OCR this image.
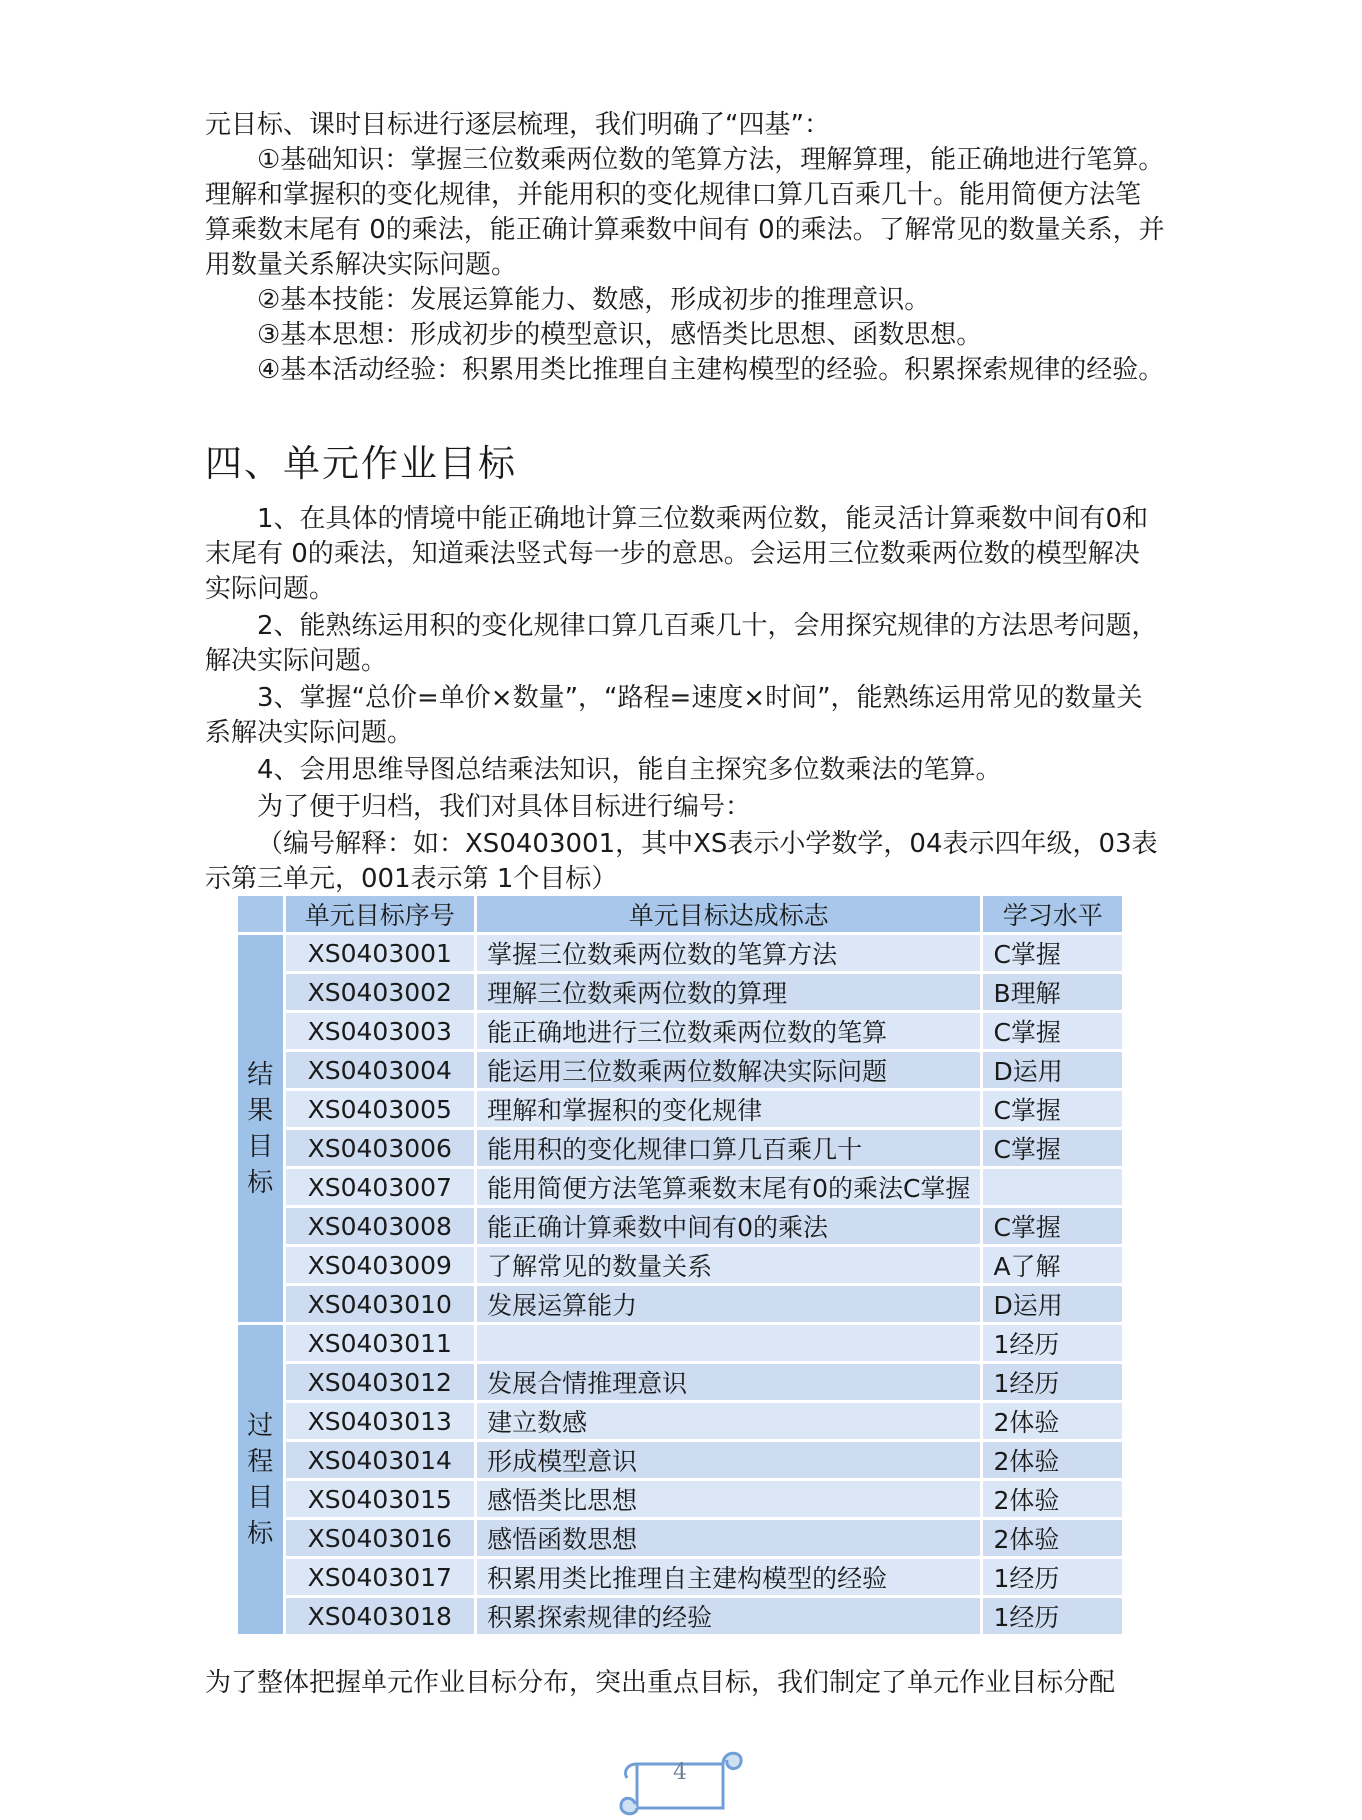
元目标、课时目标进行逐层梳理，我们明确了“四基”：

①基础知识：掌握三位数乘两位数的笔算方法，理解算理，能正确地进行笔算。理解和掌握积的变化规律，并能用积的变化规律口算几百乘几十。能用简便方法笔算乘数末尾有 0的乘法，能正确计算乘数中间有 0的乘法。了解常见的数量关系，并用数量关系解决实际问题。

②基本技能：发展运算能力、数感，形成初步的推理意识。

③基本思想：形成初步的模型意识，感悟类比思想、函数思想。

④基本活动经验：积累用类比推理自主建构模型的经验。积累探索规律的经验。

四、单元作业目标

1、在具体的情境中能正确地计算三位数乘两位数，能灵活计算乘数中间有0和末尾有 0的乘法，知道乘法竖式每一步的意思。会运用三位数乘两位数的模型解决实际问题。

2、能熟练运用积的变化规律口算几百乘几十，会用探究规律的方法思考问题，解决实际问题。

3、掌握“总价=单价×数量”，“路程=速度×时间”，能熟练运用常见的数量关系解决实际问题。

4、会用思维导图总结乘法知识，能自主探究多位数乘法的笔算。

为了便于归档，我们对具体目标进行编号：

（编号解释：如：XS0403001，其中XS表示小学数学，04表示四年级，03表示第三单元，001表示第 1个目标）

	单元目标序号	单元目标达成标志	学习水平

结
果
目
标	XS0403001	掌握三位数乘两位数的笔算方法	C掌握
	XS0403002	理解三位数乘两位数的算理	B理解
	XS0403003	能正确地进行三位数乘两位数的笔算	C掌握
	XS0403004	能运用三位数乘两位数解决实际问题	D运用
	XS0403005	理解和掌握积的变化规律	C掌握
	XS0403006	能用积的变化规律口算几百乘几十	C掌握
	XS0403007	能用简便方法笔算乘数末尾有0的乘法C掌握	
	XS0403008	能正确计算乘数中间有0的乘法	C掌握
	XS0403009	了解常见的数量关系	A了解
	XS0403010	发展运算能力	D运用

过
程
目
标	XS0403011		1经历
	XS0403012	发展合情推理意识	1经历
	XS0403013	建立数感	2体验
	XS0403014	形成模型意识	2体验
	XS0403015	感悟类比思想	2体验
	XS0403016	感悟函数思想	2体验
	XS0403017	积累用类比推理自主建构模型的经验	1经历
	XS0403018	积累探索规律的经验	1经历
为了整体把握单元作业目标分布，突出重点目标，我们制定了单元作业目标分配
4
